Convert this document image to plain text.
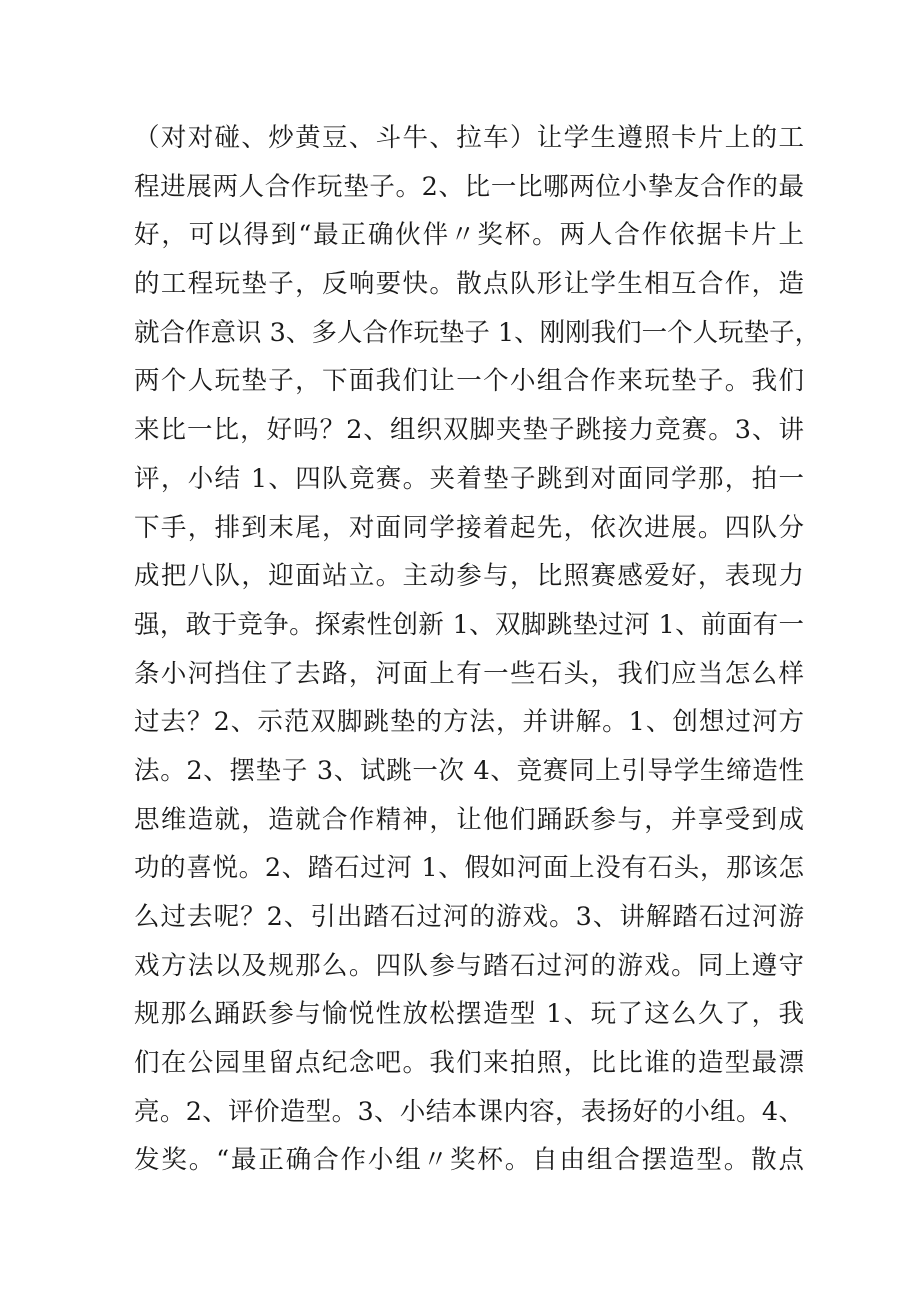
（对对碰、炒黄豆、斗牛、拉车）让学生遵照卡片上的工
程进展两人合作玩垫子。2、比一比哪两位小挚友合作的最
好，可以得到“最正确伙伴〃奖杯。两人合作依据卡片上
的工程玩垫子，反响要快。散点队形让学生相互合作，造
就合作意识 3、多人合作玩垫子 1、刚刚我们一个人玩垫子，
两个人玩垫子，下面我们让一个小组合作来玩垫子。我们
来比一比，好吗？2、组织双脚夹垫子跳接力竞赛。3、讲
评，小结 1、四队竞赛。夹着垫子跳到对面同学那，拍一
下手，排到末尾，对面同学接着起先，依次进展。四队分
成把八队，迎面站立。主动参与，比照赛感爱好，表现力
强，敢于竞争。探索性创新 1、双脚跳垫过河 1、前面有一
条小河挡住了去路，河面上有一些石头，我们应当怎么样
过去？2、示范双脚跳垫的方法，并讲解。1、创想过河方
法。2、摆垫子 3、试跳一次 4、竞赛同上引导学生缔造性
思维造就，造就合作精神，让他们踊跃参与，并享受到成
功的喜悦。2、踏石过河 1、假如河面上没有石头，那该怎
么过去呢？2、引出踏石过河的游戏。3、讲解踏石过河游
戏方法以及规那么。四队参与踏石过河的游戏。同上遵守
规那么踊跃参与愉悦性放松摆造型 1、玩了这么久了，我
们在公园里留点纪念吧。我们来拍照，比比谁的造型最漂
亮。2、评价造型。3、小结本课内容，表扬好的小组。4、
发奖。“最正确合作小组〃奖杯。自由组合摆造型。散点
